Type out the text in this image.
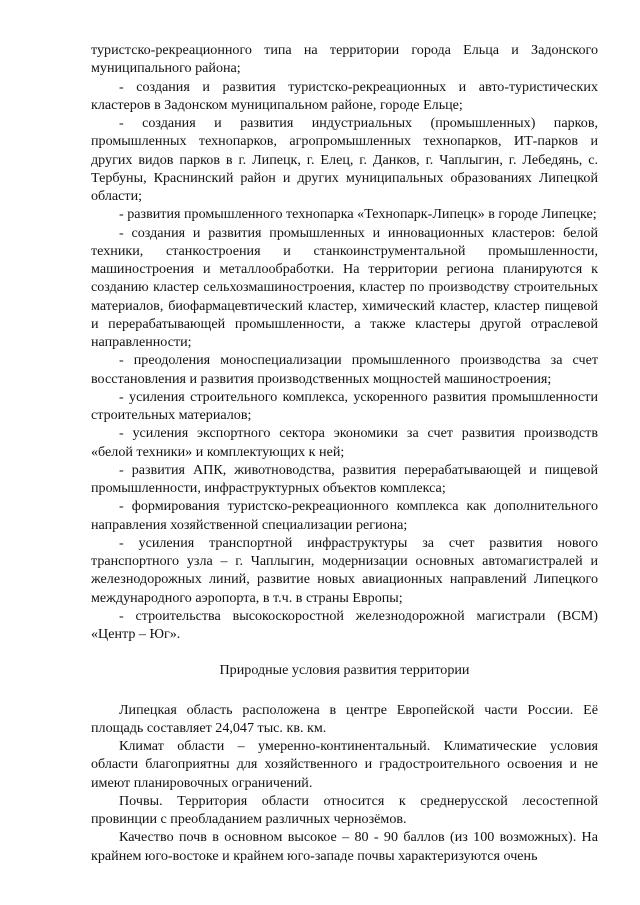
туристско-рекреационного типа на территории города Ельца и Задонского муниципального района;

- создания и развития туристско-рекреационных и авто-туристических кластеров в Задонском муниципальном районе, городе Ельце;

- создания и развития индустриальных (промышленных) парков, промышленных технопарков, агропромышленных технопарков, ИТ-парков и других видов парков в г. Липецк, г. Елец, г. Данков, г. Чаплыгин, г. Лебедянь, с. Тербуны, Краснинский район и других муниципальных образованиях Липецкой области;

- развития промышленного технопарка «Технопарк-Липецк» в городе Липецке;

- создания и развития промышленных и инновационных кластеров: белой техники, станкостроения и станкоинструментальной промышленности, машиностроения и металлообработки. На территории региона планируются к созданию кластер сельхозмашиностроения, кластер по производству строительных материалов, биофармацевтический кластер, химический кластер, кластер пищевой и перерабатывающей промышленности, а также кластеры другой отраслевой направленности;

- преодоления моноспециализации промышленного производства за счет восстановления и развития производственных мощностей машиностроения;

- усиления строительного комплекса, ускоренного развития промышленности строительных материалов;

- усиления экспортного сектора экономики за счет развития производств «белой техники» и комплектующих к ней;

- развития АПК, животноводства, развития перерабатывающей и пищевой промышленности, инфраструктурных объектов комплекса;

- формирования туристско-рекреационного комплекса как дополнительного направления хозяйственной специализации региона;

- усиления транспортной инфраструктуры за счет развития нового транспортного узла – г. Чаплыгин, модернизации основных автомагистралей и железнодорожных линий, развитие новых авиационных направлений Липецкого международного аэропорта, в т.ч. в страны Европы;

- строительства высокоскоростной железнодорожной магистрали (ВСМ) «Центр – Юг».

Природные условия развития территории

Липецкая область расположена в центре Европейской части России. Её площадь составляет 24,047 тыс. кв. км.

Климат области – умеренно-континентальный. Климатические условия области благоприятны для хозяйственного и градостроительного освоения и не имеют планировочных ограничений.

Почвы. Территория области относится к среднерусской лесостепной провинции с преобладанием различных чернозёмов.

Качество почв в основном высокое – 80 - 90 баллов (из 100 возможных). На крайнем юго-востоке и крайнем юго-западе почвы характеризуются очень
